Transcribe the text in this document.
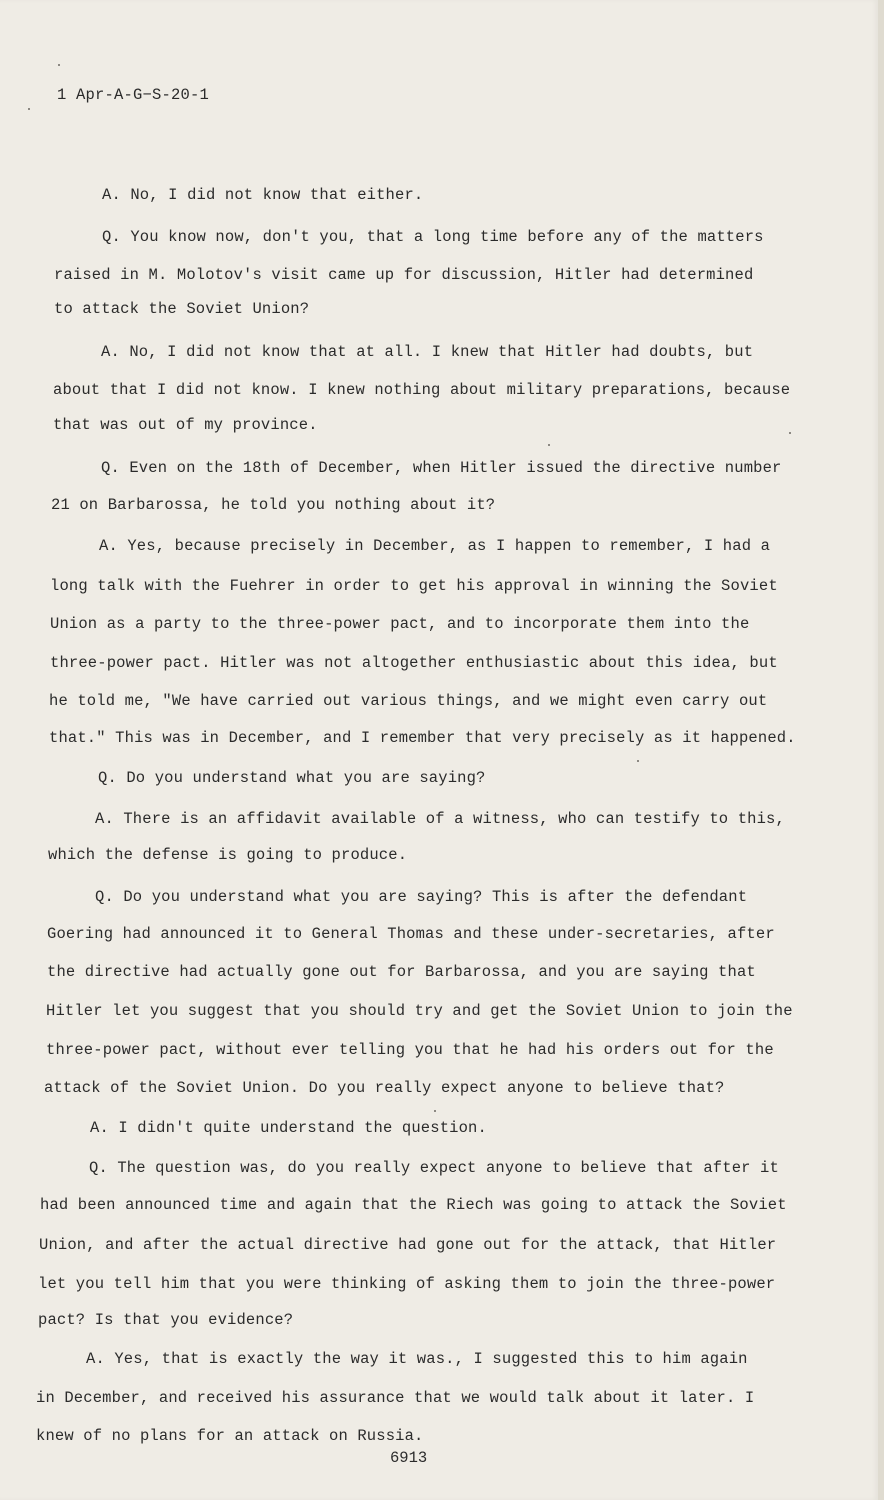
1 Apr-A-G−S-20-1
A. No, I did not know that either.
Q. You know now, don't you, that a long time before any of the matters
raised in M. Molotov's visit came up for discussion, Hitler had determined
to attack the Soviet Union?
A. No, I did not know that at all. I knew that Hitler had doubts, but
about that I did not know. I knew nothing about military preparations, because
that was out of my province.
Q. Even on the 18th of December, when Hitler issued the directive number
21 on Barbarossa, he told you nothing about it?
A. Yes, because precisely in December, as I happen to remember, I had a
long talk with the Fuehrer in order to get his approval in winning the Soviet
Union as a party to the three-power pact, and to incorporate them into the
three-power pact. Hitler was not altogether enthusiastic about this idea, but
he told me, "We have carried out various things, and we might even carry out
that." This was in December, and I remember that very precisely as it happened.
Q. Do you understand what you are saying?
A. There is an affidavit available of a witness, who can testify to this,
which the defense is going to produce.
Q. Do you understand what you are saying? This is after the defendant
Goering had announced it to General Thomas and these under-secretaries, after
the directive had actually gone out for Barbarossa, and you are saying that
Hitler let you suggest that you should try and get the Soviet Union to join the
three-power pact, without ever telling you that he had his orders out for the
attack of the Soviet Union. Do you really expect anyone to believe that?
A. I didn't quite understand the question.
Q. The question was, do you really expect anyone to believe that after it
had been announced time and again that the Riech was going to attack the Soviet
Union, and after the actual directive had gone out for the attack, that Hitler
let you tell him that you were thinking of asking them to join the three-power
pact? Is that you evidence?
A. Yes, that is exactly the way it was., I suggested this to him again
in December, and received his assurance that we would talk about it later. I
knew of no plans for an attack on Russia.
6913
